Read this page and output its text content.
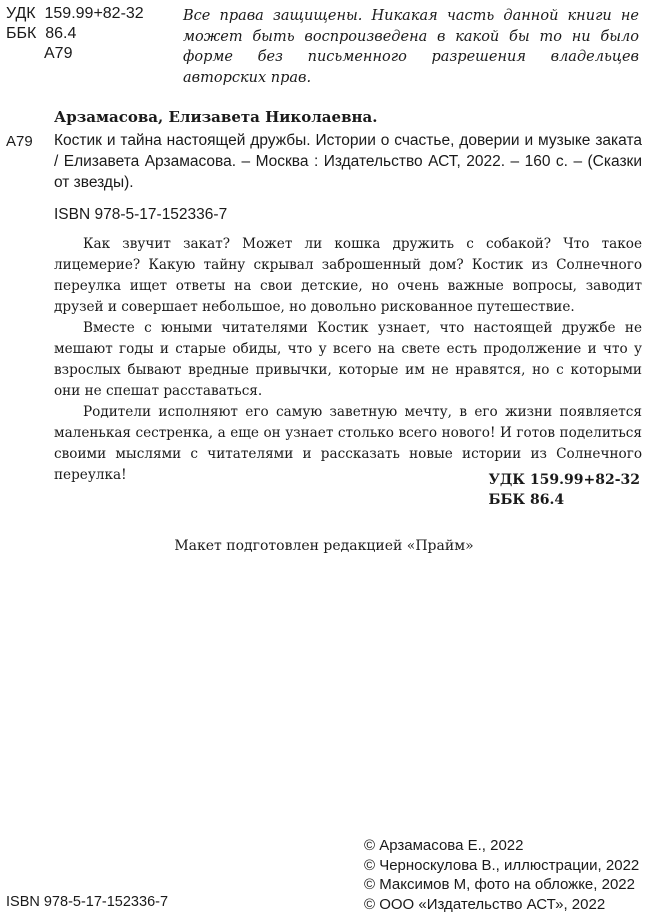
УДК 159.99+82-32
ББК 86.4
А79
Все права защищены. Никакая часть данной книги не может быть воспроизведена в какой бы то ни было форме без письменного разрешения владельцев авторских прав.
Арзамасова, Елизавета Николаевна.
А79 Костик и тайна настоящей дружбы. Истории о счастье, доверии и музыке заката / Елизавета Арзамасова. – Москва : Издательство АСТ, 2022. – 160 с. – (Сказки от звезды).
ISBN 978-5-17-152336-7

Как звучит закат? Может ли кошка дружить с собакой? Что такое лицемерие? Какую тайну скрывал заброшенный дом? Костик из Солнечного переулка ищет ответы на свои детские, но очень важные вопросы, заводит друзей и совершает небольшое, но довольно рискованное путешествие.

Вместе с юными читателями Костик узнает, что настоящей дружбе не мешают годы и старые обиды, что у всего на свете есть продолжение и что у взрослых бывают вредные привычки, которые им не нравятся, но с которыми они не спешат расставаться.

Родители исполняют его самую заветную мечту, в его жизни появляется маленькая сестренка, а еще он узнает столько всего нового! И готов поделиться своими мыслями с читателями и рассказать новые истории из Солнечного переулка!	УДК 159.99+82-32
ББК 86.4
Макет подготовлен редакцией «Прайм»
© Арзамасова Е., 2022
© Черноскулова В., иллюстрации, 2022
© Максимов М, фото на обложке, 2022
© ООО «Издательство АСТ», 2022
ISBN 978-5-17-152336-7
